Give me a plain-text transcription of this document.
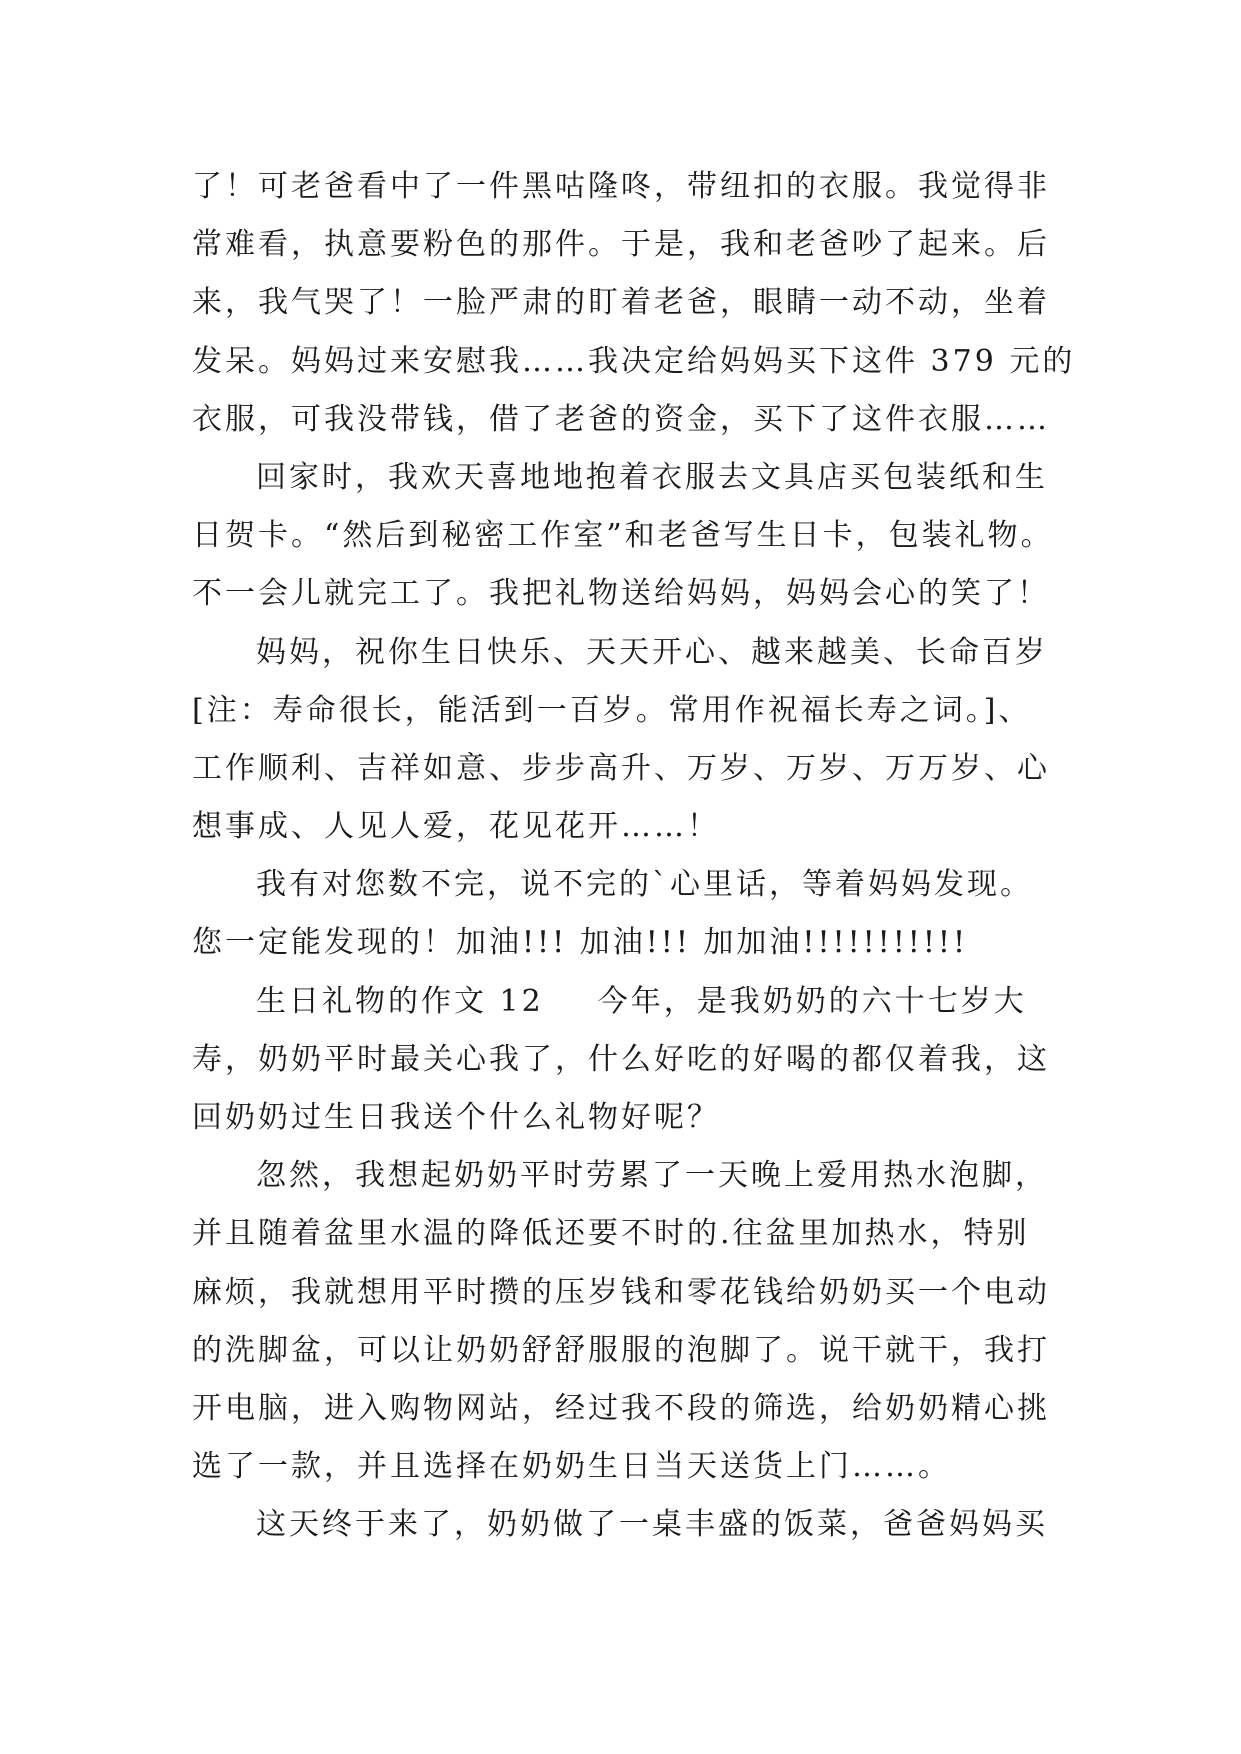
了！可老爸看中了一件黑咕隆咚，带纽扣的衣服。我觉得非
常难看，执意要粉色的那件。于是，我和老爸吵了起来。后
来，我气哭了！一脸严肃的盯着老爸，眼睛一动不动，坐着
发呆。妈妈过来安慰我……我决定给妈妈买下这件 379 元的
衣服，可我没带钱，借了老爸的资金，买下了这件衣服……
回家时，我欢天喜地地抱着衣服去文具店买包装纸和生
日贺卡。“然后到秘密工作室”和老爸写生日卡，包装礼物。
不一会儿就完工了。我把礼物送给妈妈，妈妈会心的笑了！
妈妈，祝你生日快乐、天天开心、越来越美、长命百岁
[注：寿命很长，能活到一百岁。常用作祝福长寿之词。]、
工作顺利、吉祥如意、步步高升、万岁、万岁、万万岁、心
想事成、人见人爱，花见花开……！
我有对您数不完，说不完的`心里话，等着妈妈发现。
您一定能发现的！加油!!! 加油!!! 加加油!!!!!!!!!!!
生日礼物的作文 12 今年，是我奶奶的六十七岁大
寿，奶奶平时最关心我了，什么好吃的好喝的都仅着我，这
回奶奶过生日我送个什么礼物好呢？
忽然，我想起奶奶平时劳累了一天晚上爱用热水泡脚，
并且随着盆里水温的降低还要不时的.往盆里加热水，特别
麻烦，我就想用平时攒的压岁钱和零花钱给奶奶买一个电动
的洗脚盆，可以让奶奶舒舒服服的泡脚了。说干就干，我打
开电脑，进入购物网站，经过我不段的筛选，给奶奶精心挑
选了一款，并且选择在奶奶生日当天送货上门……。
这天终于来了，奶奶做了一桌丰盛的饭菜，爸爸妈妈买
